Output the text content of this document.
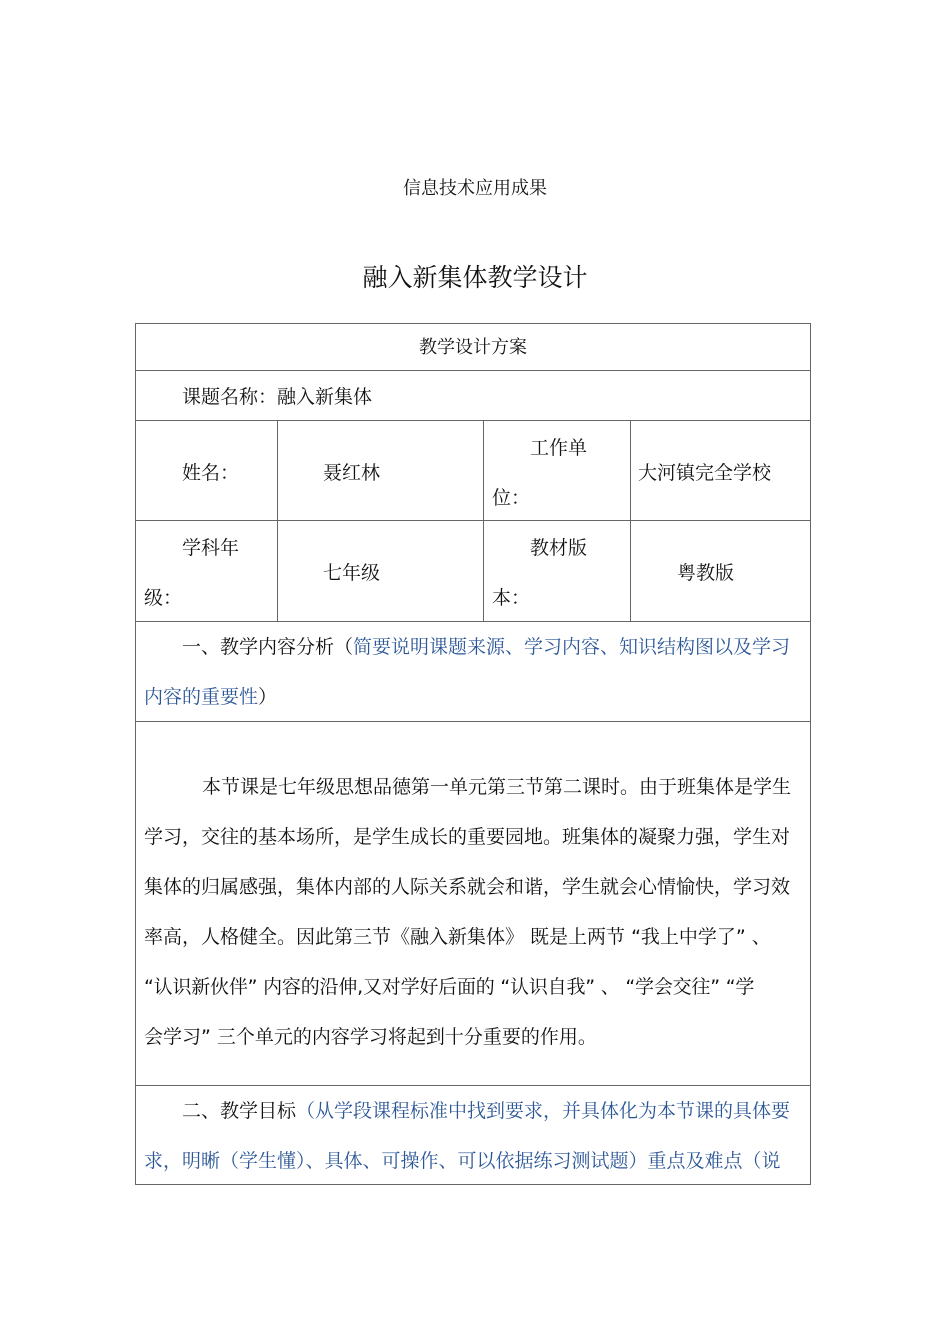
信息技术应用成果
融入新集体教学设计
教学设计方案
课题名称：融入新集体
姓名：	聂红林
工作单
位：
大河镇完全学校
学科年
级：
七年级
教材版
本：
粤教版
一、教学内容分析（简要说明课题来源、学习内容、知识结构图以及学习
内容的重要性）
本节课是七年级思想品德第一单元第三节第二课时。由于班集体是学生
学习，交往的基本场所，是学生成长的重要园地。班集体的凝聚力强，学生对
集体的归属感强，集体内部的人际关系就会和谐，学生就会心情愉快，学习效
率高，人格健全。因此第三节《融入新集体》 既是上两节 “我上中学了” 、
“认识新伙伴” 内容的沿伸,又对学好后面的 “认识自我” 、 “学会交往” “学
会学习” 三个单元的内容学习将起到十分重要的作用。
二、教学目标（从学段课程标准中找到要求，并具体化为本节课的具体要
求，明晰（学生懂）、具体、可操作、可以依据练习测试题）重点及难点（说
